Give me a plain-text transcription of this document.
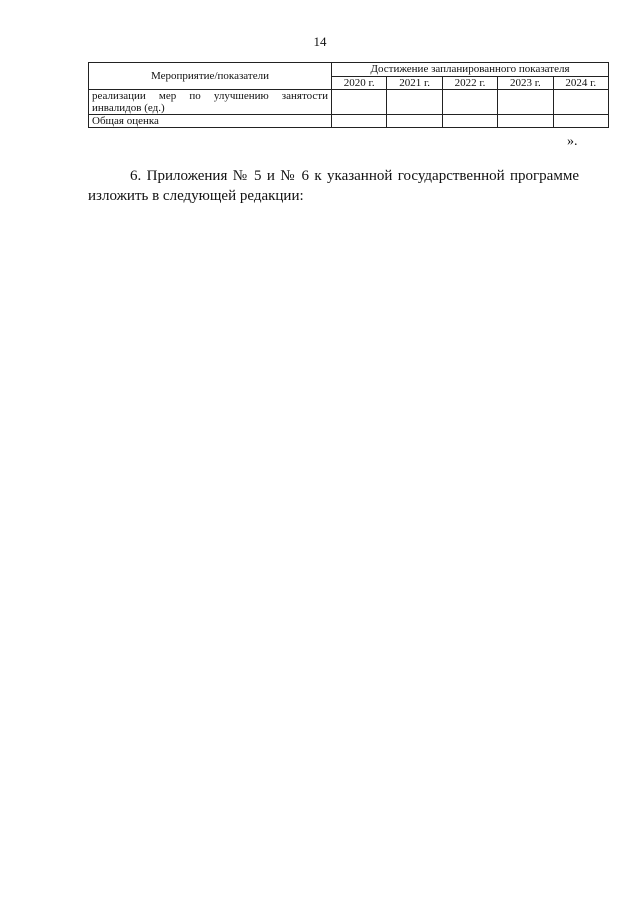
14
Мероприятие/показатели	Достижение запланированного показателя				
	2020 г.	2021 г.	2022 г.	2023 г.	2024 г.
реализации мер по улучшению занятости инвалидов (ед.)					
Общая оценка					
».

6. Приложения № 5 и № 6 к указанной государственной программе изложить в следующей редакции:
